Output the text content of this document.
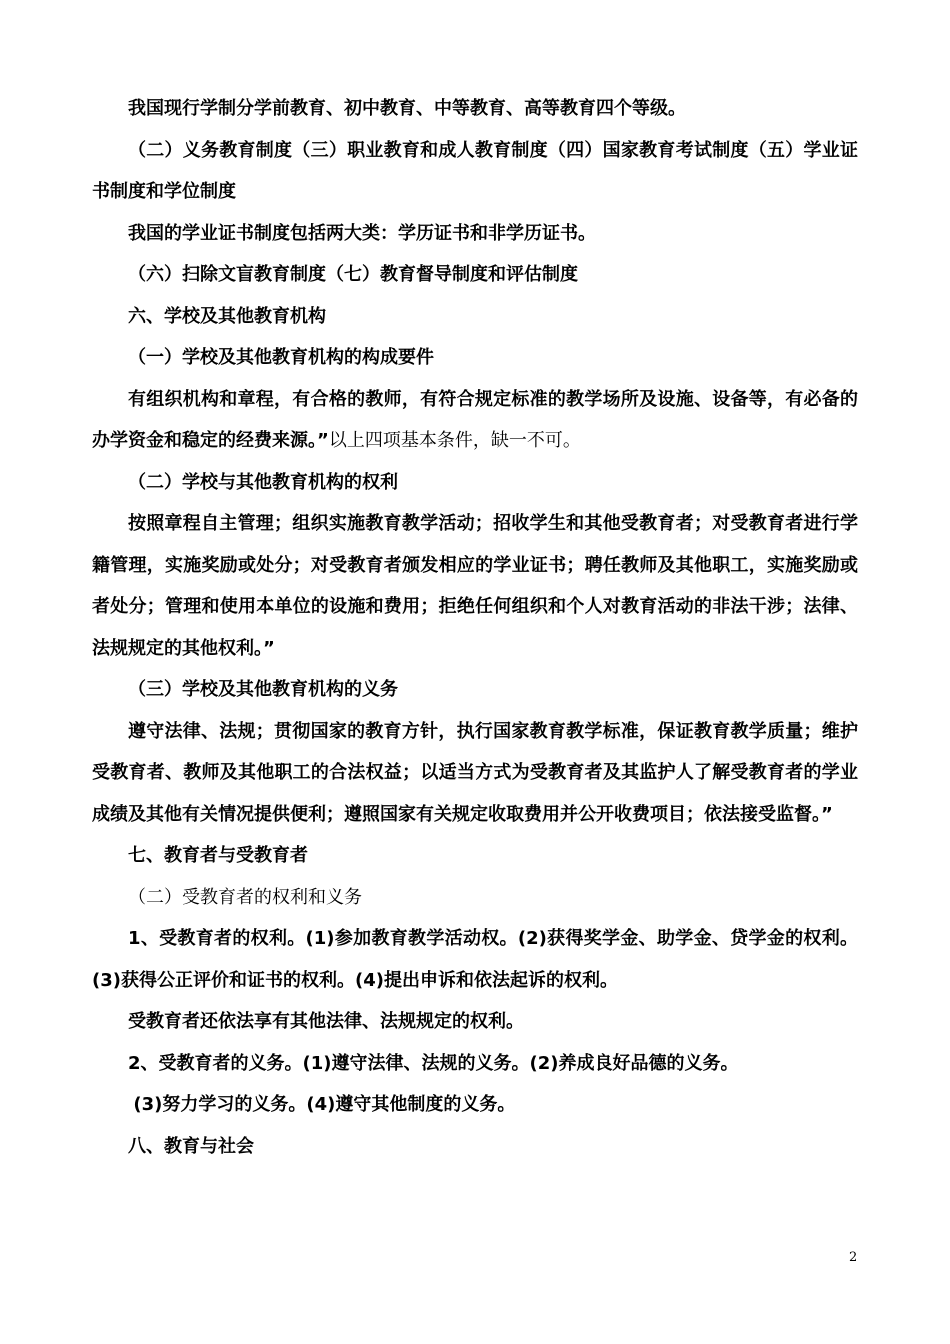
我国现行学制分学前教育、初中教育、中等教育、高等教育四个等级。

（二）义务教育制度（三）职业教育和成人教育制度（四）国家教育考试制度（五）学业证书制度和学位制度

我国的学业证书制度包括两大类：学历证书和非学历证书。

（六）扫除文盲教育制度（七）教育督导制度和评估制度

六、学校及其他教育机构

（一）学校及其他教育机构的构成要件

有组织机构和章程，有合格的教师，有符合规定标准的教学场所及设施、设备等，有必备的办学资金和稳定的经费来源。”以上四项基本条件，缺一不可。

（二）学校与其他教育机构的权利

按照章程自主管理；组织实施教育教学活动；招收学生和其他受教育者；对受教育者进行学籍管理，实施奖励或处分；对受教育者颁发相应的学业证书；聘任教师及其他职工，实施奖励或者处分；管理和使用本单位的设施和费用；拒绝任何组织和个人对教育活动的非法干涉；法律、法规规定的其他权利。”

（三）学校及其他教育机构的义务

遵守法律、法规；贯彻国家的教育方针，执行国家教育教学标准，保证教育教学质量；维护受教育者、教师及其他职工的合法权益；以适当方式为受教育者及其监护人了解受教育者的学业成绩及其他有关情况提供便利；遵照国家有关规定收取费用并公开收费项目；依法接受监督。”

七、教育者与受教育者

（二）受教育者的权利和义务

1、受教育者的权利。(1)参加教育教学活动权。(2)获得奖学金、助学金、贷学金的权利。(3)获得公正评价和证书的权利。(4)提出申诉和依法起诉的权利。

受教育者还依法享有其他法律、法规规定的权利。

2、受教育者的义务。(1)遵守法律、法规的义务。(2)养成良好品德的义务。

(3)努力学习的义务。(4)遵守其他制度的义务。

八、教育与社会

2
